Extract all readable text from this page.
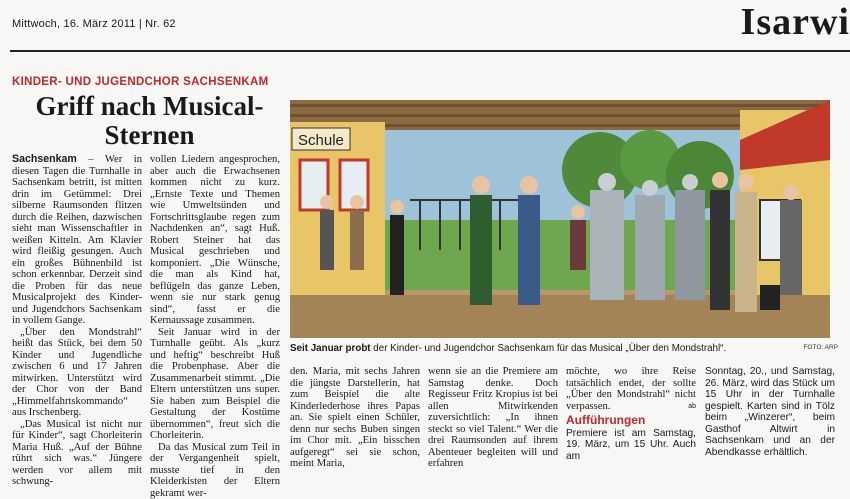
Mittwoch, 16. März 2011 | Nr. 62	Isarwi
KINDER- UND JUGENDCHOR SACHSENKAM
Griff nach Musical-Sternen

Sachsenkam – Wer in diesen Tagen die Turnhalle in Sachsenkam betritt, ist mitten drin im Getümmel: Drei silberne Raumsonden flitzen durch die Reihen, dazwischen sieht man Wissenschaftler in weißen Kitteln. Am Klavier wird fleißig gesungen. Auch ein großes Bühnenbild ist schon erkennbar. Derzeit sind die Proben für das neue Musicalprojekt des Kinder- und Jugendchors Sachsenkam in vollem Gange.

„Über den Mondstrahl“ heißt das Stück, bei dem 50 Kinder und Jugendliche zwischen 6 und 17 Jahren mitwirken. Unterstützt wird der Chor von der Band „Himmelfahrtskommando“ aus Irschenberg.

„Das Musical ist nicht nur für Kinder“, sagt Chorleiterin Maria Huß. „Auf der Bühne rührt sich was.“ Jüngere werden vor allem mit schwung-

vollen Liedern angesprochen, aber auch die Erwachsenen kommen nicht zu kurz. „Ernste Texte und Themen wie Umweltsünden und Fortschrittsglaube regen zum Nachdenken an“, sagt Huß. Robert Steiner hat das Musical geschrieben und komponiert. „Die Wünsche, die man als Kind hat, beflügeln das ganze Leben, wenn sie nur stark genug sind“, fasst er die Kernaussage zusammen.

Seit Januar wird in der Turnhalle geübt. Als „kurz und heftig“ beschreibt Huß die Probenphase. Aber die Zusammenarbeit stimmt. „Die Eltern unterstützen uns super. Sie haben zum Beispiel die Gestaltung der Kostüme übernommen“, freut sich die Chorleiterin.

Da das Musical zum Teil in der Vergangenheit spielt, musste tief in den Kleiderkisten der Eltern gekramt wer-

Schule
Seit Januar probt der Kinder- und Jugendchor Sachsenkam für das Musical „Über den Mondstrahl“.	FOTO: ARP

den. Maria, mit sechs Jahren die jüngste Darstellerin, hat zum Beispiel die alte Kinderlederhose ihres Papas an. Sie spielt einen Schüler, denn nur sechs Buben singen im Chor mit. „Ein bisschen aufgeregt“ sei sie schon, meint Maria,

wenn sie an die Premiere am Samstag denke. Doch Regisseur Fritz Kropius ist bei allen Mitwirkenden zuversichtlich: „In ihnen steckt so viel Talent.“ Wer die drei Raumsonden auf ihrem Abenteuer begleiten will und erfahren

möchte, wo ihre Reise tatsächlich endet, der sollte „Über den Mondstrahl“ nicht verpassen.	ab

Aufführungen
Premiere ist am Samstag, 19. März, um 15 Uhr. Auch am
Sonntag, 20., und Samstag, 26. März, wird das Stück um 15 Uhr in der Turnhalle gespielt. Karten sind in Tölz beim „Winzerer“, beim Gasthof Altwirt in Sachsenkam und an der Abendkasse erhältlich.
